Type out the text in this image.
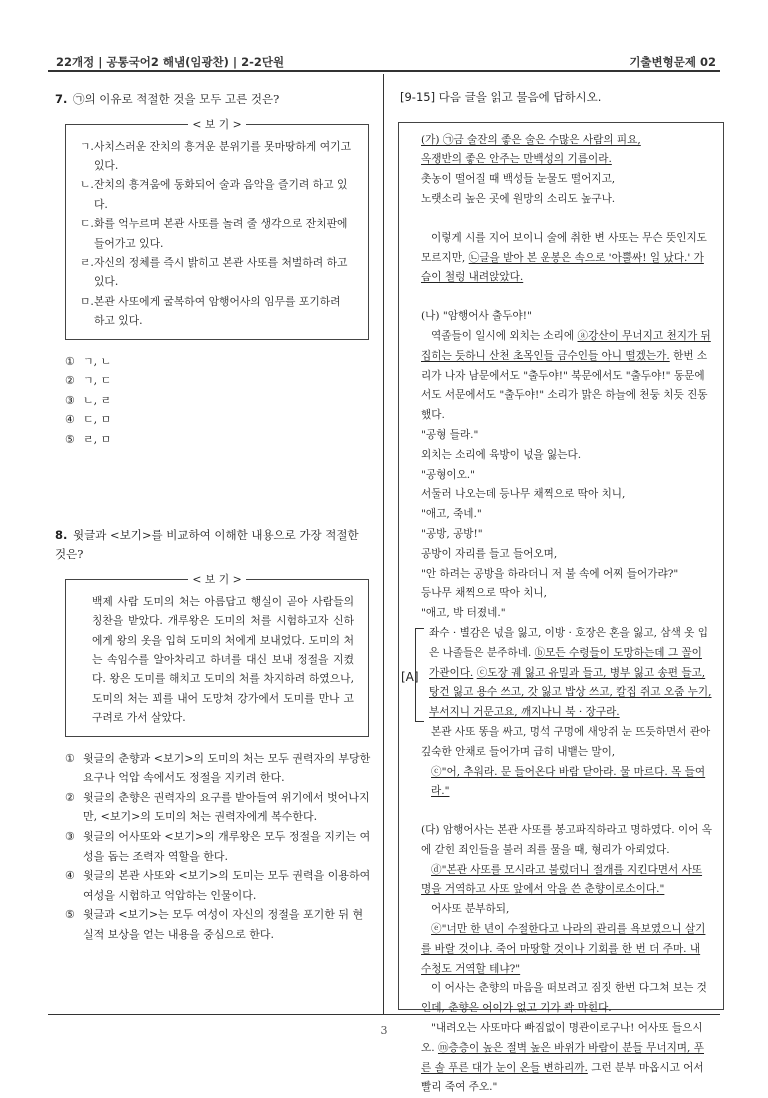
22개정 | 공통국어2 해냄(임광찬) | 2-2단원	기출변형문제 02
3
7. ㉠의 이유로 적절한 것을 모두 고른 것은?
< 보 기 >
ㄱ. 사치스러운 잔치의 흥겨운 분위기를 못마땅하게 여기고 있다.
ㄴ. 잔치의 흥겨움에 동화되어 술과 음악을 즐기려 하고 있다.
ㄷ. 화를 억누르며 본관 사또를 놀려 줄 생각으로 잔치판에 들어가고 있다.
ㄹ. 자신의 정체를 즉시 밝히고 본관 사또를 처벌하려 하고 있다.
ㅁ. 본관 사또에게 굴복하여 암행어사의 임무를 포기하려 하고 있다.
① ㄱ, ㄴ
② ㄱ, ㄷ
③ ㄴ, ㄹ
④ ㄷ, ㅁ
⑤ ㄹ, ㅁ
8. 윗글과 <보기>를 비교하여 이해한 내용으로 가장 적절한 것은?
< 보 기 >
백제 사람 도미의 처는 아름답고 행실이 곧아 사람들의 칭찬을 받았다. 개루왕은 도미의 처를 시험하고자 신하에게 왕의 옷을 입혀 도미의 처에게 보내었다. 도미의 처는 속임수를 알아차리고 하녀를 대신 보내 정절을 지켰다. 왕은 도미를 해치고 도미의 처를 차지하려 하였으나, 도미의 처는 꾀를 내어 도망쳐 강가에서 도미를 만나 고구려로 가서 살았다.
① 윗글의 춘향과 <보기>의 도미의 처는 모두 권력자의 부당한 요구나 억압 속에서도 정절을 지키려 한다.
② 윗글의 춘향은 권력자의 요구를 받아들여 위기에서 벗어나지만, <보기>의 도미의 처는 권력자에게 복수한다.
③ 윗글의 어사또와 <보기>의 개루왕은 모두 정절을 지키는 여성을 돕는 조력자 역할을 한다.
④ 윗글의 본관 사또와 <보기>의 도미는 모두 권력을 이용하여 여성을 시험하고 억압하는 인물이다.
⑤ 윗글과 <보기>는 모두 여성이 자신의 정절을 포기한 뒤 현실적 보상을 얻는 내용을 중심으로 한다.
[9-15] 다음 글을 읽고 물음에 답하시오.

(가) ㉠금 술잔의 좋은 술은 수많은 사람의 피요,

옥쟁반의 좋은 안주는 만백성의 기름이라.

촛농이 떨어질 때 백성들 눈물도 떨어지고,

노랫소리 높은 곳에 원망의 소리도 높구나.

이렇게 시를 지어 보이니 술에 취한 변 사또는 무슨 뜻인지도 모르지만, ㉡글을 받아 본 운봉은 속으로 '아뿔싸! 일 났다.' 가슴이 철렁 내려앉았다.

(나) "암행어사 출두야!"

역졸들이 일시에 외치는 소리에 ⓐ강산이 무너지고 천지가 뒤집히는 듯하니 산천 초목인들 금수인들 아니 떨겠는가. 한번 소리가 나자 남문에서도 "출두야!" 북문에서도 "출두야!" 동문에서도 서문에서도 "출두야!" 소리가 맑은 하늘에 천둥 치듯 진동했다.

"공형 들라."

외치는 소리에 육방이 넋을 잃는다.

"공형이오."

서둘러 나오는데 등나무 채찍으로 딱아 치니,

"애고, 죽네."

"공방, 공방!"

공방이 자리를 들고 들어오며,

"안 하려는 공방을 하라더니 저 불 속에 어찌 들어가랴?"

등나무 채찍으로 딱아 치니,

"애고, 박 터졌네."

[A]

좌수 · 별감은 넋을 잃고, 이방 · 호장은 혼을 잃고, 삼색 옷 입은 나졸들은 분주하네. ⓑ모든 수령들이 도망하는데 그 꼴이 가관이다. ⓒ도장 궤 잃고 유밀과 들고, 병부 잃고 송편 들고, 탕건 잃고 용수 쓰고, 갓 잃고 밥상 쓰고, 칼집 쥐고 오줌 누기, 부서지니 거문고요, 깨지나니 북 · 장구라.

본관 사또 똥을 싸고, 멍석 구멍에 새앙쥐 눈 뜨듯하면서 관아 깊숙한 안채로 들어가며 급히 내뱉는 말이,

ⓒ"어, 추워라. 문 들어온다 바람 닫아라. 물 마르다. 목 들여라."

(다) 암행어사는 본관 사또를 봉고파직하라고 명하였다. 이어 옥에 갇힌 죄인들을 불러 죄를 물을 때, 형리가 아뢰었다.

ⓓ"본관 사또를 모시라고 불렀더니 절개를 지킨다면서 사또 명을 거역하고 사또 앞에서 악을 쓴 춘향이로소이다."

어사또 분부하되,

ⓔ"너만 한 년이 수절한다고 나라의 관리를 욕보였으니 살기를 바랄 것이냐. 죽어 마땅할 것이나 기회를 한 번 더 주마. 내 수청도 거역할 테냐?"

이 어사는 춘향의 마음을 떠보려고 짐짓 한번 다그쳐 보는 것인데, 춘향은 어이가 없고 기가 콱 막힌다.

"내려오는 사또마다 빠짐없이 명관이로구나! 어사또 들으시오. ⓜ층층이 높은 절벽 높은 바위가 바람이 분들 무너지며, 푸른 솔 푸른 대가 눈이 온들 변하리까. 그런 분부 마옵시고 어서 빨리 죽여 주오."
